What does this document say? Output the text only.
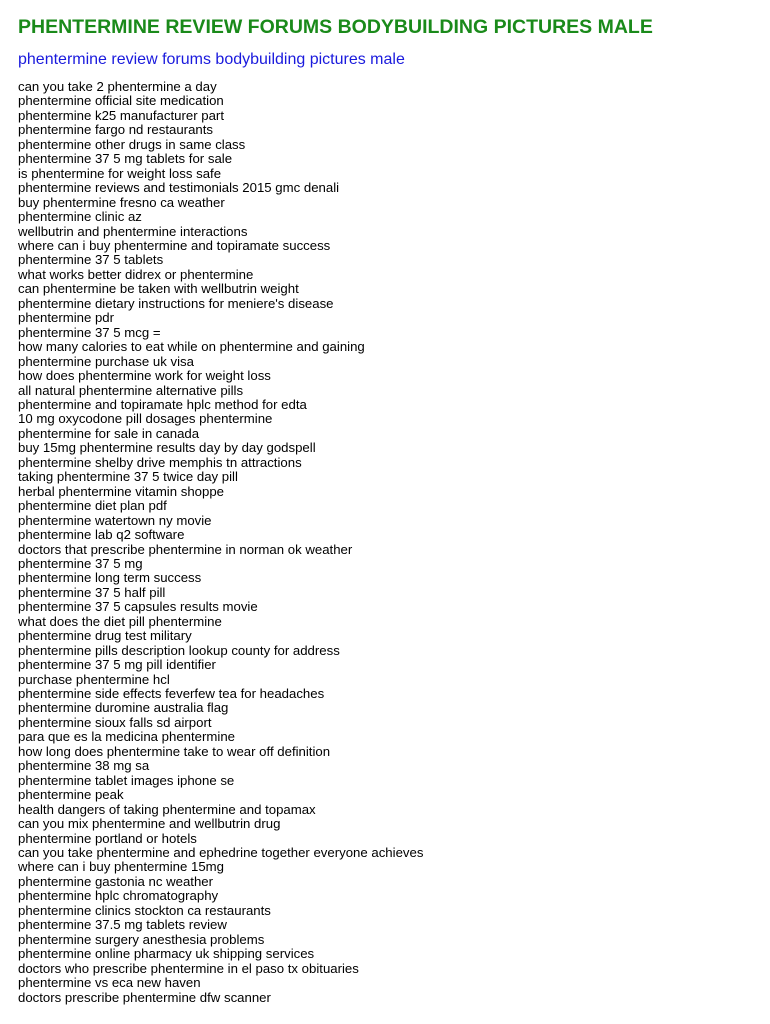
PHENTERMINE REVIEW FORUMS BODYBUILDING PICTURES MALE
phentermine review forums bodybuilding pictures male
can you take 2 phentermine a day
phentermine official site medication
phentermine k25 manufacturer part
phentermine fargo nd restaurants
phentermine other drugs in same class
phentermine 37 5 mg tablets for sale
is phentermine for weight loss safe
phentermine reviews and testimonials 2015 gmc denali
buy phentermine fresno ca weather
phentermine clinic az
wellbutrin and phentermine interactions
where can i buy phentermine and topiramate success
phentermine 37 5 tablets
what works better didrex or phentermine
can phentermine be taken with wellbutrin weight
phentermine dietary instructions for meniere's disease
phentermine pdr
phentermine 37 5 mcg =
how many calories to eat while on phentermine and gaining
phentermine purchase uk visa
how does phentermine work for weight loss
all natural phentermine alternative pills
phentermine and topiramate hplc method for edta
10 mg oxycodone pill dosages phentermine
phentermine for sale in canada
buy 15mg phentermine results day by day godspell
phentermine shelby drive memphis tn attractions
taking phentermine 37 5 twice day pill
herbal phentermine vitamin shoppe
phentermine diet plan pdf
phentermine watertown ny movie
phentermine lab q2 software
doctors that prescribe phentermine in norman ok weather
phentermine 37 5 mg
phentermine long term success
phentermine 37 5 half pill
phentermine 37 5 capsules results movie
what does the diet pill phentermine
phentermine drug test military
phentermine pills description lookup county for address
phentermine 37 5 mg pill identifier
purchase phentermine hcl
phentermine side effects feverfew tea for headaches
phentermine duromine australia flag
phentermine sioux falls sd airport
para que es la medicina phentermine
how long does phentermine take to wear off definition
phentermine 38 mg sa
phentermine tablet images iphone se
phentermine peak
health dangers of taking phentermine and topamax
can you mix phentermine and wellbutrin drug
phentermine portland or hotels
can you take phentermine and ephedrine together everyone achieves
where can i buy phentermine 15mg
phentermine gastonia nc weather
phentermine hplc chromatography
phentermine clinics stockton ca restaurants
phentermine 37.5 mg tablets review
phentermine surgery anesthesia problems
phentermine online pharmacy uk shipping services
doctors who prescribe phentermine in el paso tx obituaries
phentermine vs eca new haven
doctors prescribe phentermine dfw scanner
